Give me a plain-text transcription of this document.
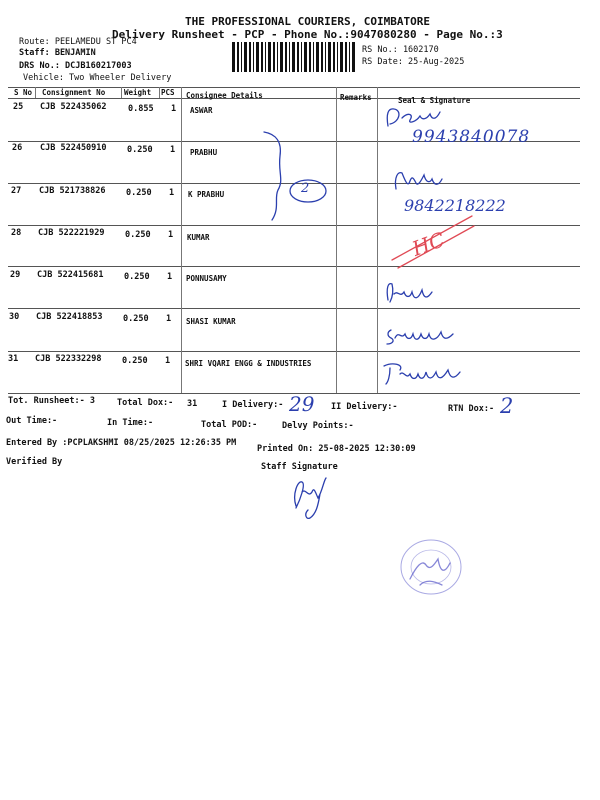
THE PROFESSIONAL COURIERS, COIMBATORE
Delivery Runsheet - PCP - Phone No.:9047080280 - Page No.:3
Route: PEELAMEDU ST PC4
Staff: BENJAMIN
DRS No.: DCJB160217003
Vehicle: Two Wheeler Delivery
RS No.: 1602170
RS Date: 25-Aug-2025
S No Consignment No	Weight PCS Consignee Details	Remarks	Seal & Signature
25 CJB 522435062	0.855 1 ASWAR
26 CJB 522450910 0.250 1 PRABHU
27 CJB 521738826 0.250 1 K PRABHU
28 CJB 522221929 0.250 1 KUMAR
29 CJB 522415681 0.250 1 PONNUSAMY
30 CJB 522418853 0.250 1 SHASI KUMAR
31 CJB 522332298 0.250 1 SHRI VQARI ENGG & INDUSTRIES
9943840078
2
9842218222
HC
Tot. Runsheet:- 3	Total Dox:- 31	I Delivery:- 29 II Delivery:-	RTN Dox:- 2
Out Time:-	In Time:-	Total POD:-	Delvy Points:-
Entered By :PCPLAKSHMI 08/25/2025 12:26:35 PM
Printed On: 25-08-2025 12:30:09
Verified By	Staff Signature
